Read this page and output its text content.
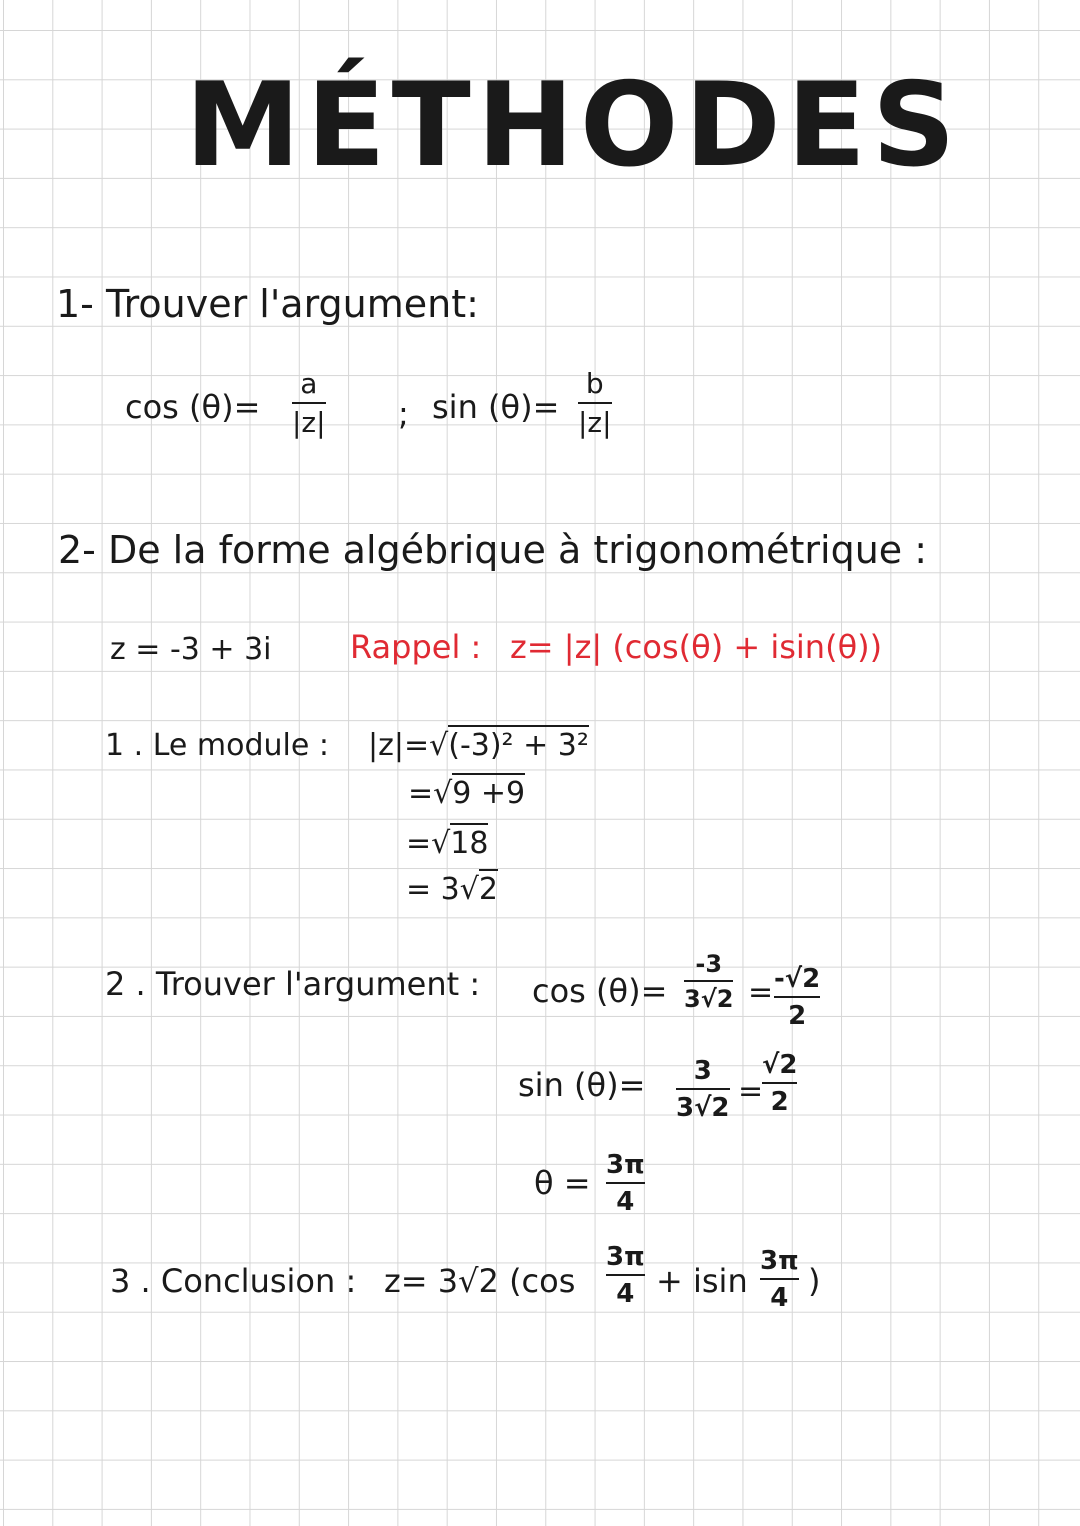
MÉTHODES
1- Trouver l'argument:
cos (θ)=
a
|z| ; sin (θ)=
b
|z|
2- De la forme algébrique à trigonométrique :
z = -3 + 3i Rappel : z= |z| (cos(θ) + isin(θ))
1 . Le module : |z|=√(-3)² + 3²
=√9 +9
=√18
= 3√2
2 . Trouver l'argument : cos (θ)=
-3
3√2 = -√2
2
sin (θ)= 3
3√2 =
√2
2
θ = 3π
4
3 . Conclusion : z= 3√2 (cos
3π
4 + isin
3π
4 )
